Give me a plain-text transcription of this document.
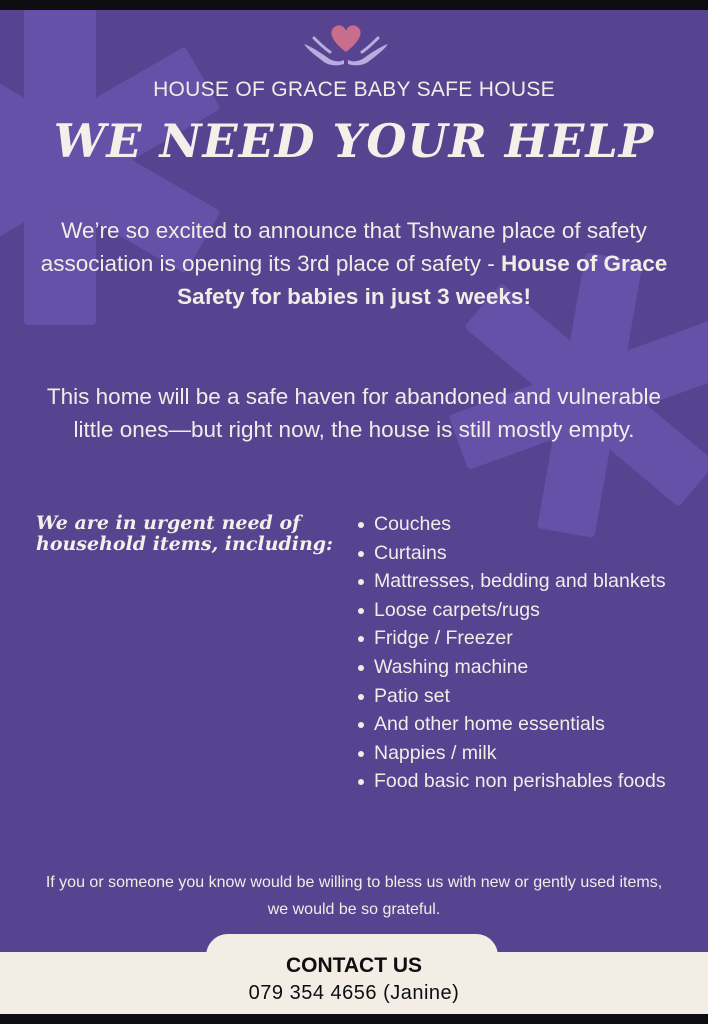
HOUSE OF GRACE BABY SAFE HOUSE
WE NEED YOUR HELP
We’re so excited to announce that Tshwane place of safety association is opening its 3rd place of safety - House of Grace Safety for babies in just 3 weeks!
This home will be a safe haven for abandoned and vulnerable little ones—but right now, the house is still mostly empty.
We are in urgent need of household items, including:
Couches
Curtains
Mattresses, bedding and blankets
Loose carpets/rugs
Fridge / Freezer
Washing machine
Patio set
And other home essentials
Nappies / milk
Food basic non perishables foods
If you or someone you know would be willing to bless us with new or gently used items, we would be so grateful.
CONTACT US
079 354 4656 (Janine)
